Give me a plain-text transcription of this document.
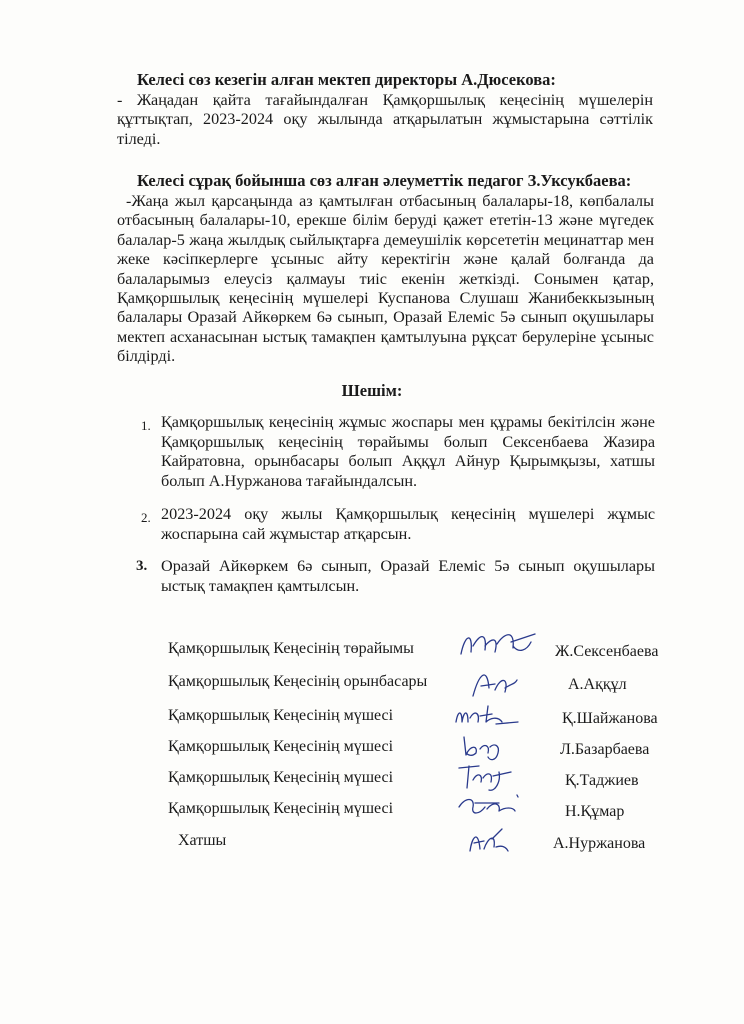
Келесі сөз кезегін алған мектеп директоры А.Дюсекова:
- Жаңадан қайта тағайындалған Қамқоршылық кеңесінің мүшелерін құттықтап, 2023-2024 оқу жылында атқарылатын жұмыстарына сәттілік тіледі.
Келесі сұрақ бойынша сөз алған әлеуметтік педагог З.Уксукбаева:
-Жаңа жыл қарсаңында аз қамтылған отбасының балалары-18, көпбалалы отбасының балалары-10, ерекше білім беруді қажет ететін-13 және мүгедек балалар-5 жаңа жылдық сыйлықтарға демеушілік көрсететін мецинаттар мен жеке кәсіпкерлерге ұсыныс айту керектігін және қалай болғанда да балаларымыз елеусіз қалмауы тиіс екенін жеткізді. Сонымен қатар, Қамқоршылық кеңесінің мүшелері Куспанова Слушаш Жанибеккызының балалары Оразай Айкөркем 6ә сынып, Оразай Елеміс 5ә сынып оқушылары мектеп асханасынан ыстық тамақпен қамтылуына рұқсат берулеріне ұсыныс білдірді.
Шешім:
1. Қамқоршылық кеңесінің жұмыс жоспары мен құрамы бекітілсін және Қамқоршылық кеңесінің төрайымы болып Сексенбаева Жазира Кайратовна, орынбасары болып Аққұл Айнур Қырымқызы, хатшы болып А.Нуржанова тағайындалсын.
2. 2023-2024 оқу жылы Қамқоршылық кеңесінің мүшелері жұмыс жоспарына сай жұмыстар атқарсын.
3. Оразай Айкөркем 6ә сынып, Оразай Елеміс 5ә сынып оқушылары ыстық тамақпен қамтылсын.
Қамқоршылық Кеңесінің төрайымы	Ж.Сексенбаева
Қамқоршылық Кеңесінің орынбасары	А.Аққұл
Қамқоршылық Кеңесінің мүшесі	Қ.Шайжанова
Қамқоршылық Кеңесінің мүшесі	Л.Базарбаева
Қамқоршылық Кеңесінің мүшесі	Қ.Таджиев
Қамқоршылық Кеңесінің мүшесі	Н.Құмар
Хатшы	А.Нуржанова
